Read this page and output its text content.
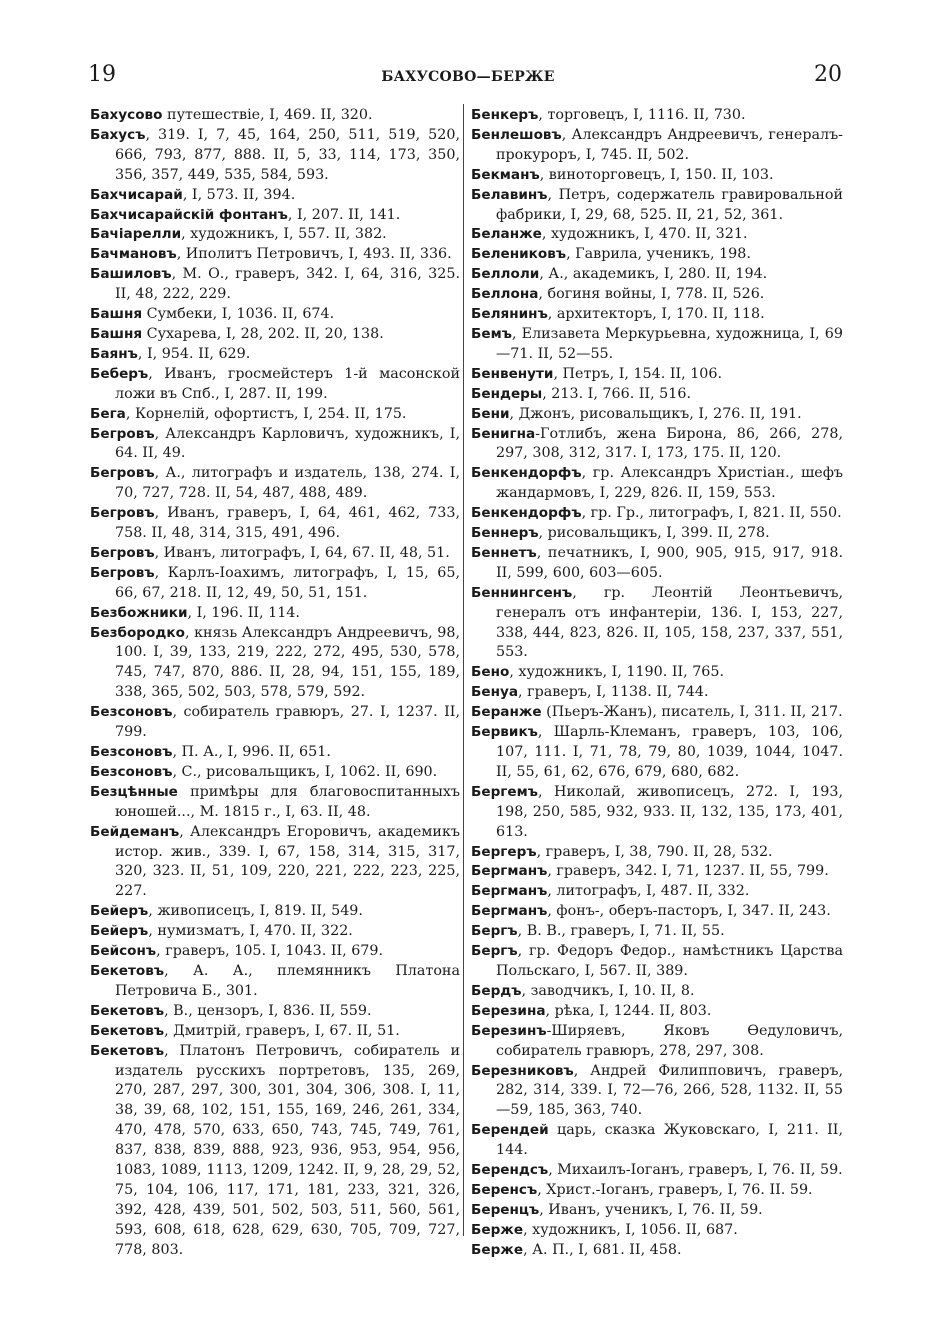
19	БАХУСОВО—БЕРЖЕ	20

Бахусово путешествіе, I, 469. II, 320.

Бахусъ, 319. I, 7, 45, 164, 250, 511, 519, 520, 666, 793, 877, 888. II, 5, 33, 114, 173, 350, 356, 357, 449, 535, 584, 593.

Бахчисарай, I, 573. II, 394.

Бахчисарайскій фонтанъ, I, 207. II, 141.

Бачіарелли, художникъ, I, 557. II, 382.

Бачмановъ, Иполитъ Петровичъ, I, 493. II, 336.

Башиловъ, М. О., граверъ, 342. I, 64, 316, 325. II, 48, 222, 229.

Башня Сумбеки, I, 1036. II, 674.

Башня Сухарева, I, 28, 202. II, 20, 138.

Баянъ, I, 954. II, 629.

Беберъ, Иванъ, гросмейстеръ 1-й масонской ложи въ Спб., I, 287. II, 199.

Бега, Корнелій, офортистъ, I, 254. II, 175.

Бегровъ, Александръ Карловичъ, художникъ, I, 64. II, 49.

Бегровъ, А., литографъ и издатель, 138, 274. I, 70, 727, 728. II, 54, 487, 488, 489.

Бегровъ, Иванъ, граверъ, I, 64, 461, 462, 733, 758. II, 48, 314, 315, 491, 496.

Бегровъ, Иванъ, литографъ, I, 64, 67. II, 48, 51.

Бегровъ, Карлъ-Іоахимъ, литографъ, I, 15, 65, 66, 67, 218. II, 12, 49, 50, 51, 151.

Безбожники, I, 196. II, 114.

Безбородко, князь Александръ Андреевичъ, 98, 100. I, 39, 133, 219, 222, 272, 495, 530, 578, 745, 747, 870, 886. II, 28, 94, 151, 155, 189, 338, 365, 502, 503, 578, 579, 592.

Безсоновъ, собиратель гравюръ, 27. I, 1237. II, 799.

Безсоновъ, П. А., I, 996. II, 651.

Безсоновъ, С., рисовальщикъ, I, 1062. II, 690.

Безцѣнные примѣры для благовоспитанныхъ юношей..., М. 1815 г., I, 63. II, 48.

Бейдеманъ, Александръ Егоровичъ, академикъ истор. жив., 339. I, 67, 158, 314, 315, 317, 320, 323. II, 51, 109, 220, 221, 222, 223, 225, 227.

Бейеръ, живописецъ, I, 819. II, 549.

Бейеръ, нумизматъ, I, 470. II, 322.

Бейсонъ, граверъ, 105. I, 1043. II, 679.

Бекетовъ, А. А., племянникъ Платона Петровича Б., 301.

Бекетовъ, В., цензоръ, I, 836. II, 559.

Бекетовъ, Дмитрій, граверъ, I, 67. II, 51.

Бекетовъ, Платонъ Петровичъ, собиратель и издатель русскихъ портретовъ, 135, 269, 270, 287, 297, 300, 301, 304, 306, 308. I, 11, 38, 39, 68, 102, 151, 155, 169, 246, 261, 334, 470, 478, 570, 633, 650, 743, 745, 749, 761, 837, 838, 839, 888, 923, 936, 953, 954, 956, 1083, 1089, 1113, 1209, 1242. II, 9, 28, 29, 52, 75, 104, 106, 117, 171, 181, 233, 321, 326, 392, 428, 439, 501, 502, 503, 511, 560, 561, 593, 608, 618, 628, 629, 630, 705, 709, 727, 778, 803.

Бенкеръ, торговецъ, I, 1116. II, 730.

Бенлешовъ, Александръ Андреевичъ, генералъ-прокуроръ, I, 745. II, 502.

Бекманъ, виноторговецъ, I, 150. II, 103.

Белавинъ, Петръ, содержатель гравировальной фабрики, I, 29, 68, 525. II, 21, 52, 361.

Беланже, художникъ, I, 470. II, 321.

Белениковъ, Гаврила, ученикъ, 198.

Беллоли, А., академикъ, I, 280. II, 194.

Беллона, богиня войны, I, 778. II, 526.

Белянинъ, архитекторъ, I, 170. II, 118.

Бемъ, Елизавета Меркурьевна, художница, I, 69—71. II, 52—55.

Бенвенути, Петръ, I, 154. II, 106.

Бендеры, 213. I, 766. II, 516.

Бени, Джонъ, рисовальщикъ, I, 276. II, 191.

Бенигна-Готлибъ, жена Бирона, 86, 266, 278, 297, 308, 312, 317. I, 173, 175. II, 120.

Бенкендорфъ, гр. Александръ Христіан., шефъ жандармовъ, I, 229, 826. II, 159, 553.

Бенкендорфъ, гр. Гр., литографъ, I, 821. II, 550.

Беннеръ, рисовальщикъ, I, 399. II, 278.

Беннетъ, печатникъ, I, 900, 905, 915, 917, 918. II, 599, 600, 603—605.

Беннингсенъ, гр. Леонтій Леонтьевичъ, генералъ отъ инфантеріи, 136. I, 153, 227, 338, 444, 823, 826. II, 105, 158, 237, 337, 551, 553.

Бено, художникъ, I, 1190. II, 765.

Бенуа, граверъ, I, 1138. II, 744.

Беранже (Пьеръ-Жанъ), писатель, I, 311. II, 217.

Бервикъ, Шарль-Клеманъ, граверъ, 103, 106, 107, 111. I, 71, 78, 79, 80, 1039, 1044, 1047. II, 55, 61, 62, 676, 679, 680, 682.

Бергемъ, Николай, живописецъ, 272. I, 193, 198, 250, 585, 932, 933. II, 132, 135, 173, 401, 613.

Бергеръ, граверъ, I, 38, 790. II, 28, 532.

Бергманъ, граверъ, 342. I, 71, 1237. II, 55, 799.

Бергманъ, литографъ, I, 487. II, 332.

Бергманъ, фонъ-, оберъ-пасторъ, I, 347. II, 243.

Бергъ, В. В., граверъ, I, 71. II, 55.

Бергъ, гр. Федоръ Федор., намѣстникъ Царства Польскаго, I, 567. II, 389.

Бердъ, заводчикъ, I, 10. II, 8.

Березина, рѣка, I, 1244. II, 803.

Березинъ-Ширяевъ, Яковъ Өедуловичъ, собиратель гравюръ, 278, 297, 308.

Березниковъ, Андрей Филипповичъ, граверъ, 282, 314, 339. I, 72—76, 266, 528, 1132. II, 55—59, 185, 363, 740.

Берендей царь, сказка Жуковскаго, I, 211. II, 144.

Берендсъ, Михаилъ-Іоганъ, граверъ, I, 76. II, 59.

Беренсъ, Христ.-Іоганъ, граверъ, I, 76. II. 59.

Беренцъ, Иванъ, ученикъ, I, 76. II, 59.

Берже, художникъ, I, 1056. II, 687.

Берже, А. П., I, 681. II, 458.
